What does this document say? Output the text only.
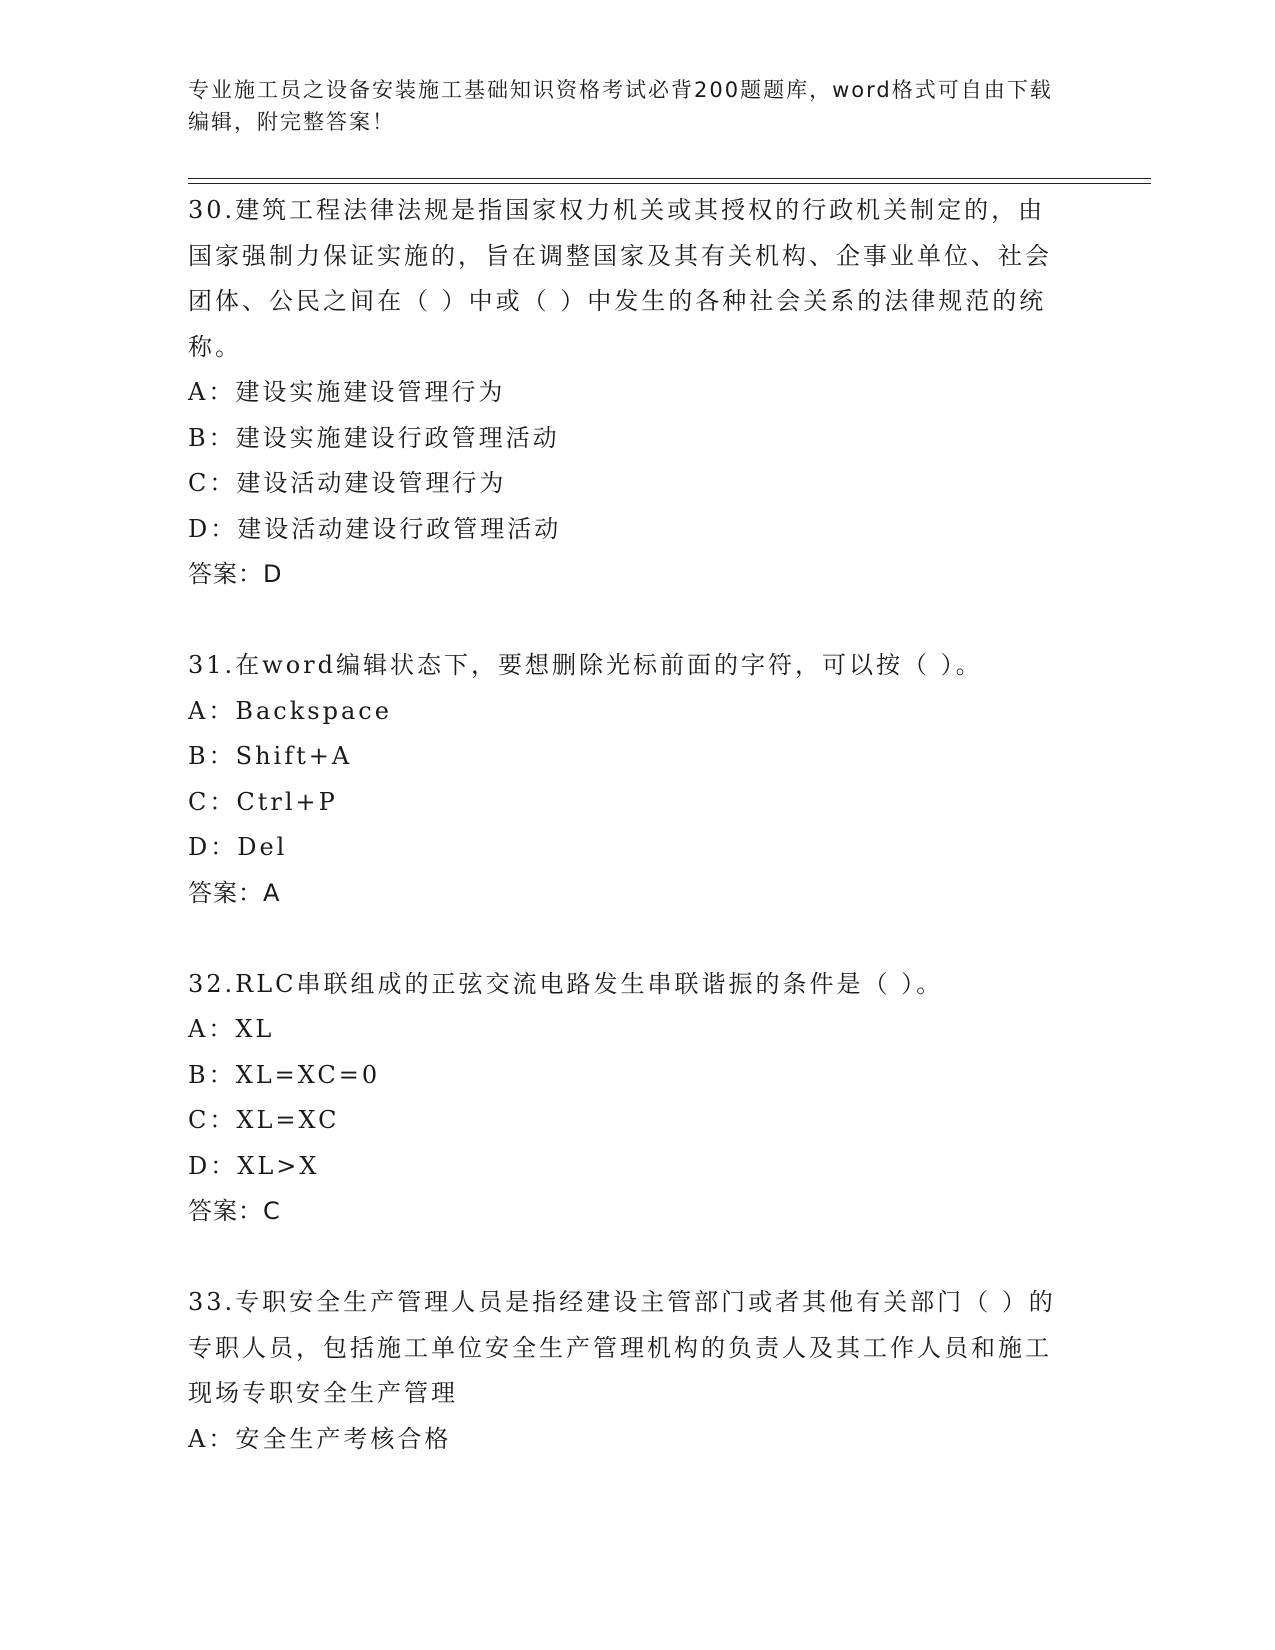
专业施工员之设备安装施工基础知识资格考试必背200题题库，word格式可自由下载编辑，附完整答案！

30.建筑工程法律法规是指国家权力机关或其授权的行政机关制定的，由国家强制力保证实施的，旨在调整国家及其有关机构、企事业单位、社会团体、公民之间在（ ）中或（ ）中发生的各种社会关系的法律规范的统称。

A：建设实施建设管理行为

B：建设实施建设行政管理活动

C：建设活动建设管理行为

D：建设活动建设行政管理活动

答案：D

31.在word编辑状态下，要想删除光标前面的字符，可以按（ ）。

A：Backspace

B：Shift+A

C：Ctrl+P

D：Del

答案：A

32.RLC串联组成的正弦交流电路发生串联谐振的条件是（ ）。

A：XL

B：XL=XC=0

C：XL=XC

D：XL>X

答案：C

33.专职安全生产管理人员是指经建设主管部门或者其他有关部门（ ）的专职人员，包括施工单位安全生产管理机构的负责人及其工作人员和施工现场专职安全生产管理

A：安全生产考核合格
